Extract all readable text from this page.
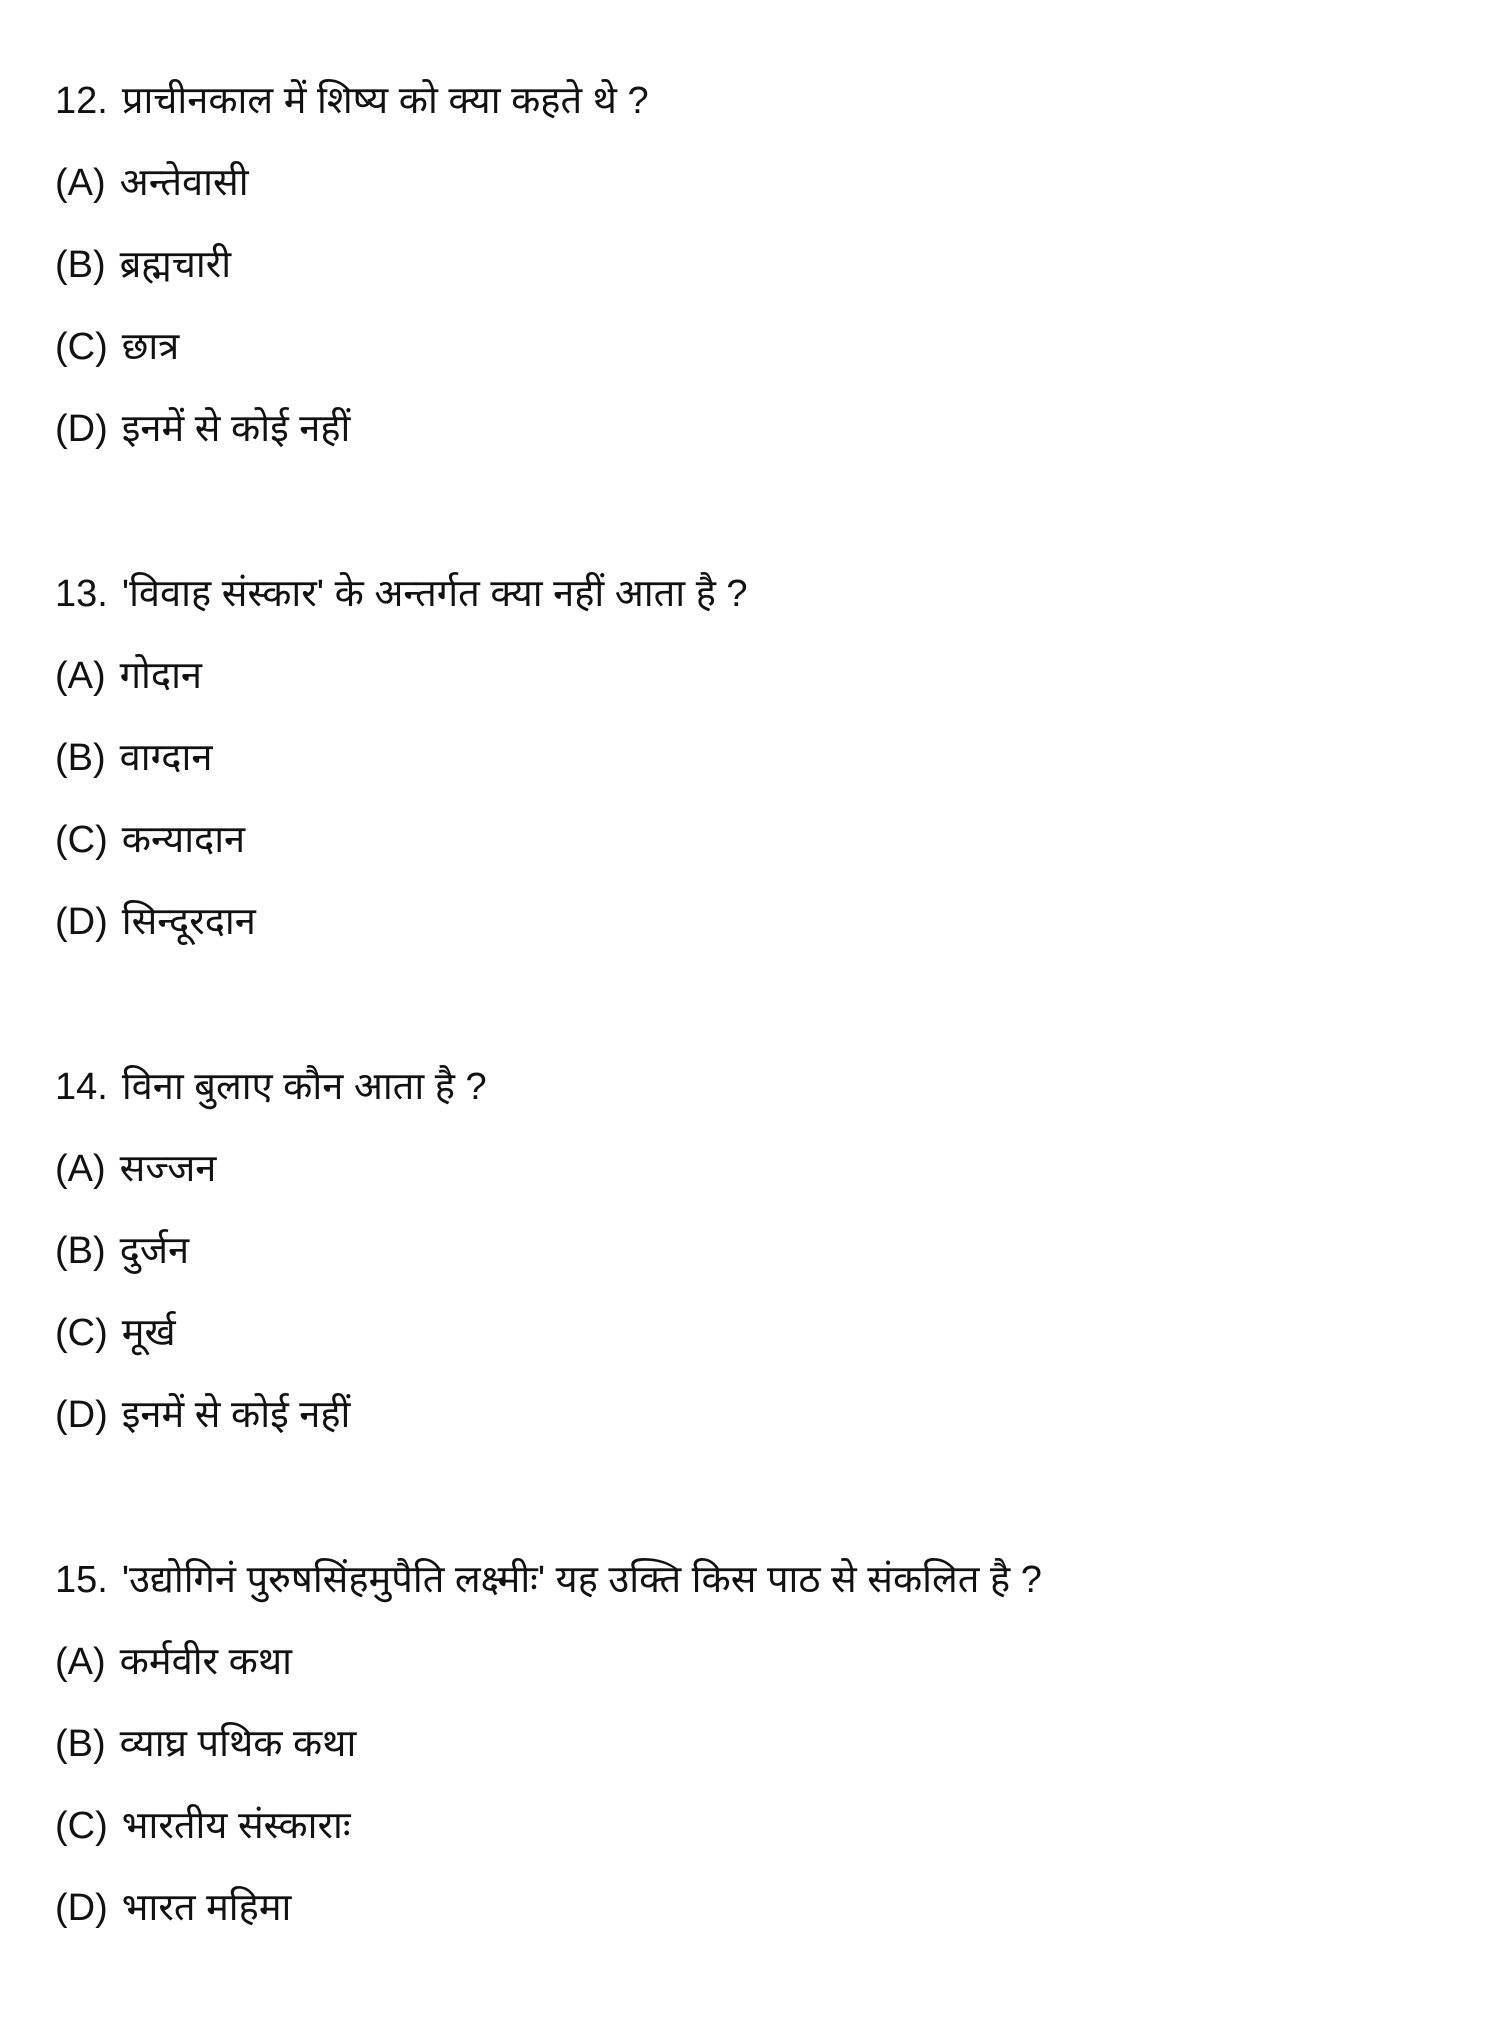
12. प्राचीनकाल में शिष्य को क्या कहते थे ?
(A) अन्तेवासी
(B) ब्रह्मचारी
(C) छात्र
(D) इनमें से कोई नहीं
13. 'विवाह संस्कार' के अन्तर्गत क्या नहीं आता है ?
(A) गोदान
(B) वाग्दान
(C) कन्यादान
(D) सिन्दूरदान
14. विना बुलाए कौन आता है ?
(A) सज्जन
(B) दुर्जन
(C) मूर्ख
(D) इनमें से कोई नहीं
15. 'उद्योगिनं पुरुषसिंहमुपैति लक्ष्मीः' यह उक्ति किस पाठ से संकलित है ?
(A) कर्मवीर कथा
(B) व्याघ्र पथिक कथा
(C) भारतीय संस्काराः
(D) भारत महिमा
